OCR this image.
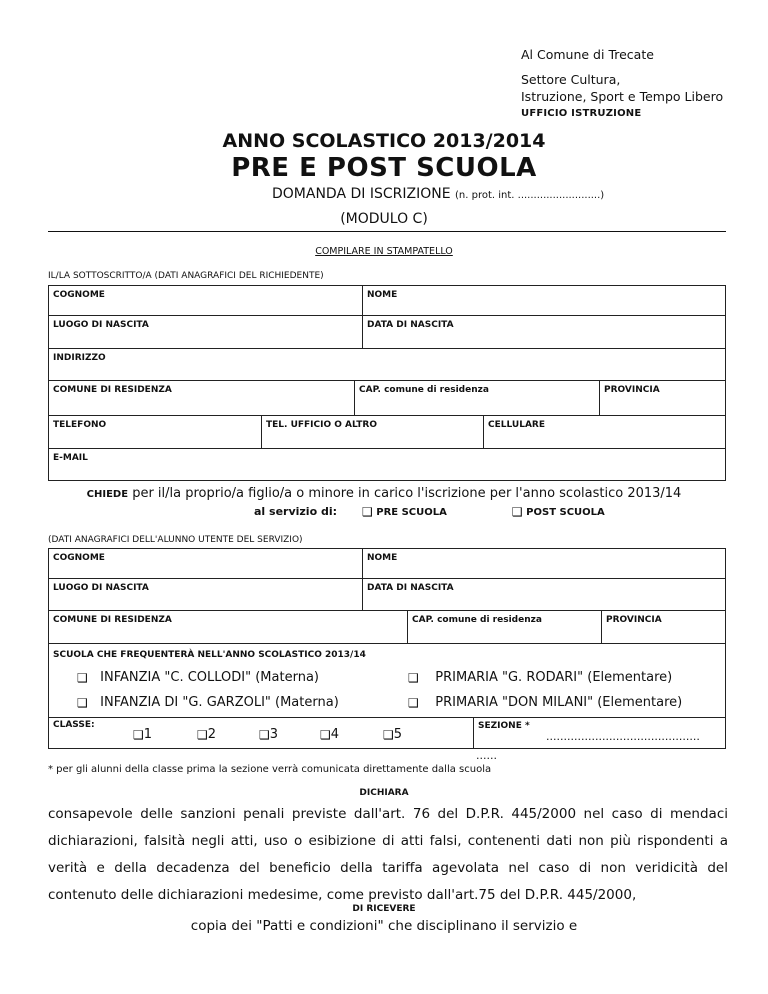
Al Comune di Trecate
Settore Cultura,
Istruzione, Sport e Tempo Libero
UFFICIO ISTRUZIONE
ANNO SCOLASTICO 2013/2014
PRE E POST SCUOLA
DOMANDA DI ISCRIZIONE (n. prot. int. ..........................)
(MODULO C)
COMPILARE IN STAMPATELLO
IL/LA SOTTOSCRITTO/A (DATI ANAGRAFICI DEL RICHIEDENTE)
COGNOME	NOME
LUOGO DI NASCITA	DATA DI NASCITA
INDIRIZZO
COMUNE DI RESIDENZA	CAP. comune di residenza	PROVINCIA
TELEFONO	TEL. UFFICIO O ALTRO	CELLULARE
E-MAIL
CHIEDE per il/la proprio/a figlio/a o minore in carico l'iscrizione per l'anno scolastico 2013/14
al servizio di: ❑ PRE SCUOLA	❑ POST SCUOLA
(DATI ANAGRAFICI DELL'ALUNNO UTENTE DEL SERVIZIO)
COGNOME	NOME
LUOGO DI NASCITA	DATA DI NASCITA
COMUNE DI RESIDENZA	CAP. comune di residenza	PROVINCIA
SCUOLA CHE FREQUENTERÀ NELL'ANNO SCOLASTICO 2013/14
❑ INFANZIA "C. COLLODI" (Materna)	❑ PRIMARIA "G. RODARI" (Elementare)
❑ INFANZIA DI "G. GARZOLI" (Materna)	❑ PRIMARIA "DON MILANI" (Elementare)
CLASSE:
❑1	❑2	❑3	❑4	❑5
SEZIONE *
............................................
......
* per gli alunni della classe prima la sezione verrà comunicata direttamente dalla scuola
DICHIARA
consapevole delle sanzioni penali previste dall'art. 76 del D.P.R. 445/2000 nel caso di mendaci dichiarazioni, falsità negli atti, uso o esibizione di atti falsi, contenenti dati non più rispondenti a verità e della decadenza del beneficio della tariffa agevolata nel caso di non veridicità del contenuto delle dichiarazioni medesime, come previsto dall'art.75 del D.P.R. 445/2000,
DI RICEVERE
copia dei "Patti e condizioni" che disciplinano il servizio e
